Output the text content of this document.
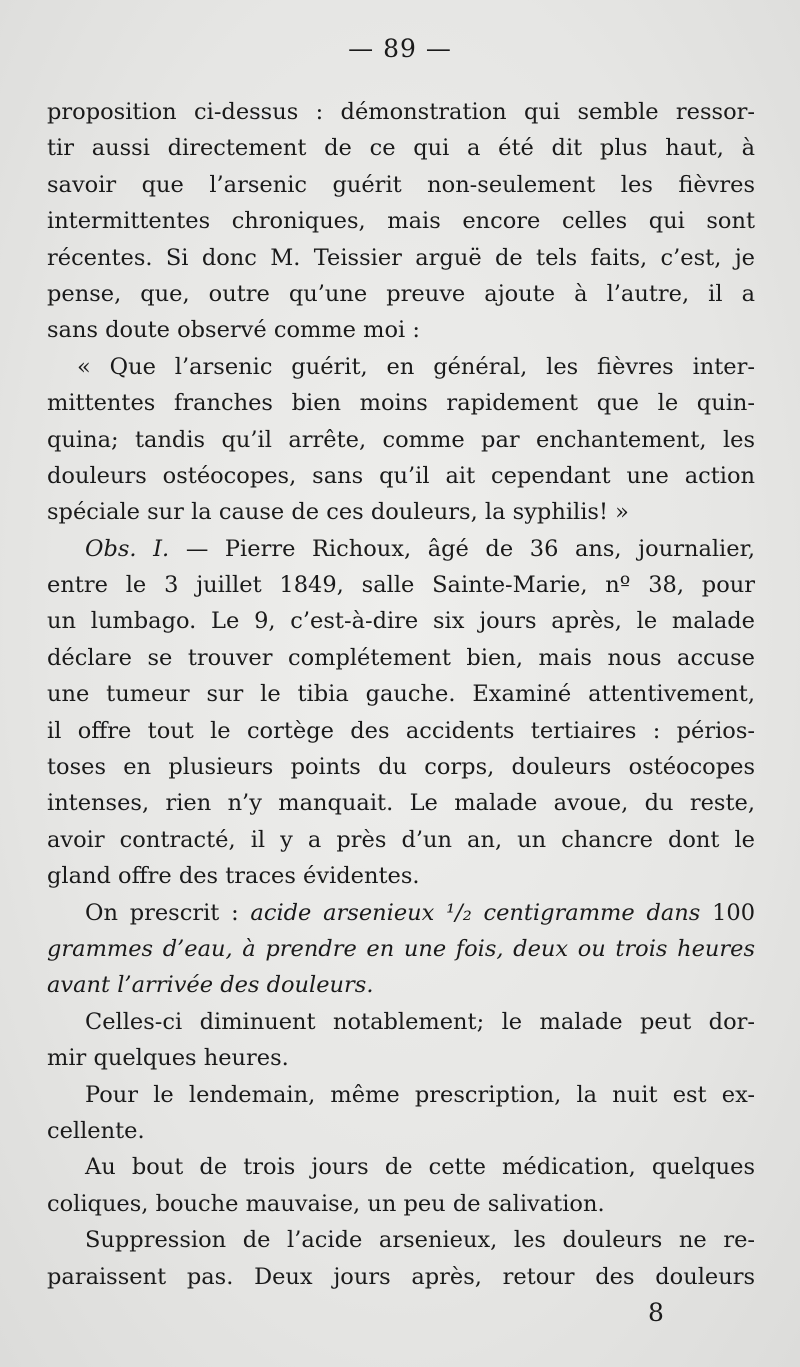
— 89 —
proposition ci-dessus : démonstration qui semble ressor-
tir aussi directement de ce qui a été dit plus haut, à
savoir que l’arsenic guérit non-seulement les fièvres
intermittentes chroniques, mais encore celles qui sont
récentes. Si donc M. Teissier arguë de tels faits, c’est, je
pense, que, outre qu’une preuve ajoute à l’autre, il a
sans doute observé comme moi :
« Que l’arsenic guérit, en général, les fièvres inter-
mittentes franches bien moins rapidement que le quin-
quina; tandis qu’il arrête, comme par enchantement, les
douleurs ostéocopes, sans qu’il ait cependant une action
spéciale sur la cause de ces douleurs, la syphilis! »
Obs. I. — Pierre Richoux, âgé de 36 ans, journalier,
entre le 3 juillet 1849, salle Sainte-Marie, nº 38, pour
un lumbago. Le 9, c’est-à-dire six jours après, le malade
déclare se trouver complétement bien, mais nous accuse
une tumeur sur le tibia gauche. Examiné attentivement,
il offre tout le cortège des accidents tertiaires : périos-
toses en plusieurs points du corps, douleurs ostéocopes
intenses, rien n’y manquait. Le malade avoue, du reste,
avoir contracté, il y a près d’un an, un chancre dont le
gland offre des traces évidentes.
On prescrit : acide arsenieux ¹/₂ centigramme dans 100
grammes d’eau, à prendre en une fois, deux ou trois heures
avant l’arrivée des douleurs.
Celles-ci diminuent notablement; le malade peut dor-
mir quelques heures.
Pour le lendemain, même prescription, la nuit est ex-
cellente.
Au bout de trois jours de cette médication, quelques
coliques, bouche mauvaise, un peu de salivation.
Suppression de l’acide arsenieux, les douleurs ne re-
paraissent pas. Deux jours après, retour des douleurs
8
